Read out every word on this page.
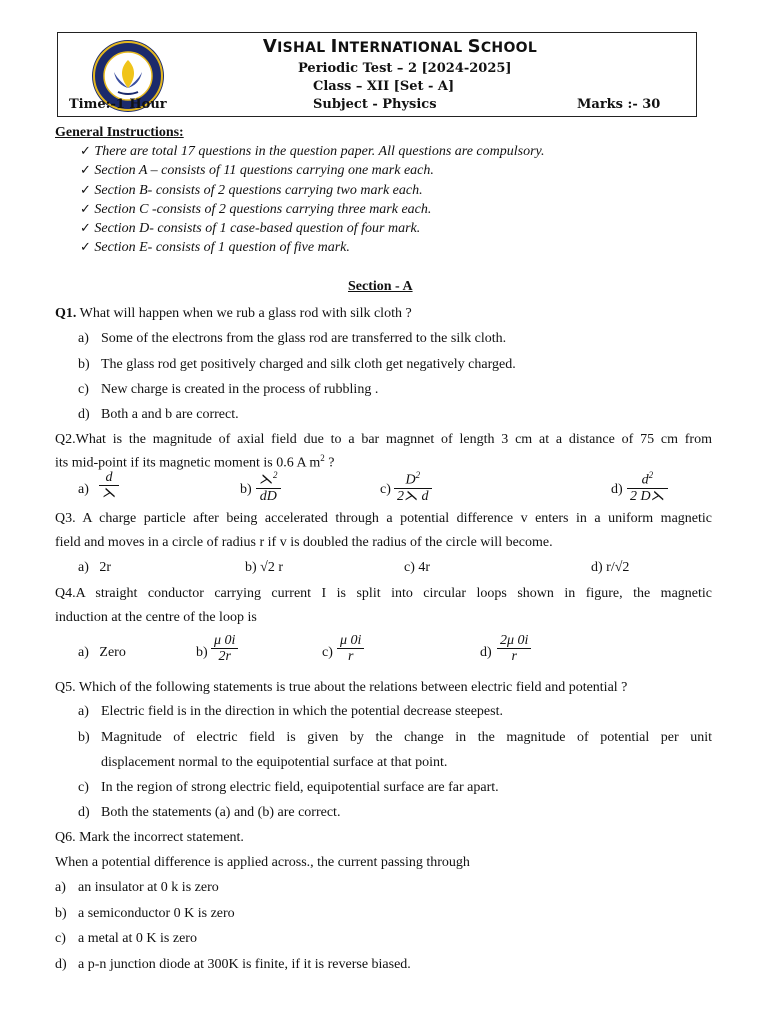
VISHAL INTERNATIONAL SCHOOL
Periodic Test – 2 [2024-2025]
Class – XII [Set - A]
Time:-1 Hour	Subject - Physics	Marks :- 30
General Instructions:
✓ There are total 17 questions in the question paper. All questions are compulsory.
✓ Section A – consists of 11 questions carrying one mark each.
✓ Section B- consists of 2 questions carrying two mark each.
✓ Section C -consists of 2 questions carrying three mark each.
✓ Section D- consists of 1 case-based question of four mark.
✓ Section E- consists of 1 question of five mark.
Section - A
Q1. What will happen when we rub a glass rod with silk cloth ?
a) Some of the electrons from the glass rod are transferred to the silk cloth.
b) The glass rod get positively charged and silk cloth get negatively charged.
c) New charge is created in the process of rubbling .
d) Both a and b are correct.
Q2.What is the magnitude of axial field due to a bar magnnet of length 3 cm at a distance of 75 cm from
its mid-point if its magnetic moment is 0.6 A $m^2$ ?
$a) \frac{d}{⋋}$	$b) \frac{⋋^2}{dD}$	$c) \frac{D^2}{2⋋ d}$	$d) \frac{d^2}{2 D⋋}$
Q3. A charge particle after being accelerated through a potential difference v enters in a uniform magnetic
field and moves in a circle of radius r if v is doubled the radius of the circle will become.
a) 2r	b) √2 r	c) 4r	d) r/√2
Q4.A straight conductor carrying current I is split into circular loops shown in figure, the magnetic
induction at the centre of the loop is
a) Zero	$b) \frac{\mu 0i}{2r}$	$c) \frac{\mu 0i}{r}$	$d) \frac{2\mu 0i}{r}$
Q5. Which of the following statements is true about the relations between electric field and potential ?
a) Electric field is in the direction in which the potential decrease steepest.
b) Magnitude of electric field is given by the change in the magnitude of potential per unit
displacement normal to the equipotential surface at that point.
c) In the region of strong electric field, equipotential surface are far apart.
d) Both the statements (a) and (b) are correct.
Q6. Mark the incorrect statement.
When a potential difference is applied across., the current passing through
a) an insulator at 0 k is zero
b) a semiconductor 0 K is zero
c) a metal at 0 K is zero
d) a p-n junction diode at 300K is finite, if it is reverse biased.
